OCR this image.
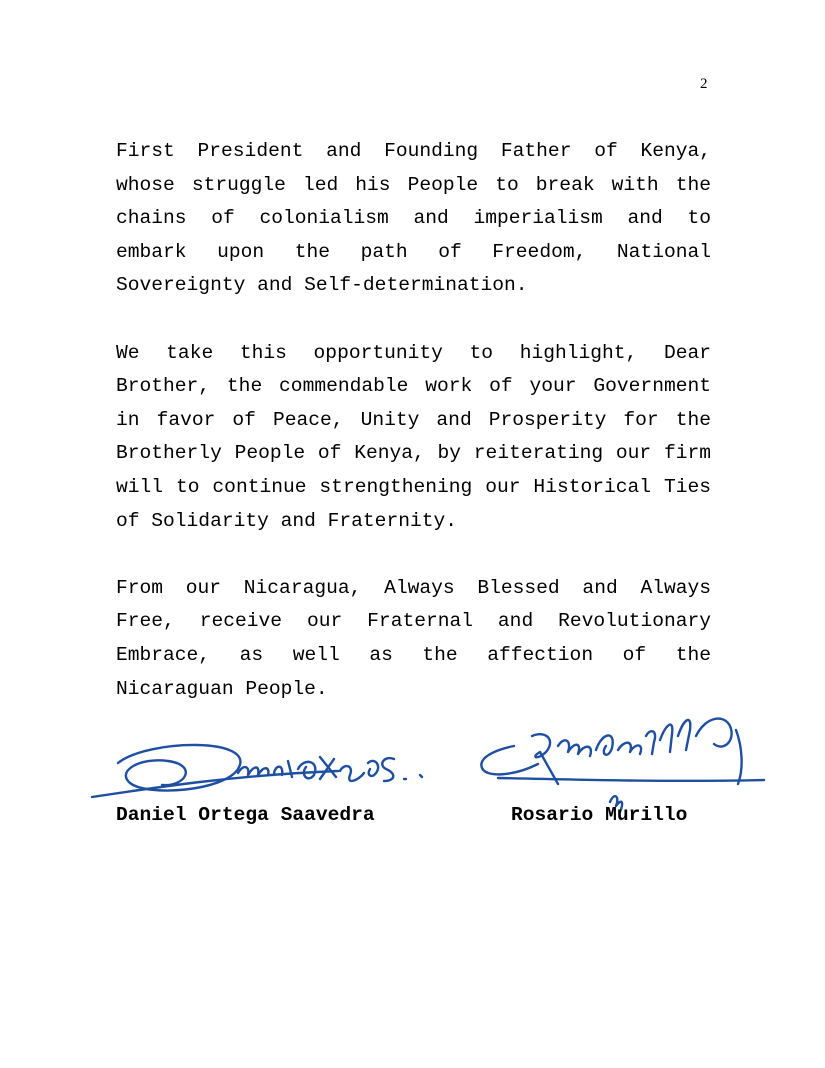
2

First President and Founding Father of Kenya, whose struggle led his People to break with the chains of colonialism and imperialism and to embark upon the path of Freedom, National Sovereignty and Self-determination.

We take this opportunity to highlight, Dear Brother, the commendable work of your Government in favor of Peace, Unity and Prosperity for the Brotherly People of Kenya, by reiterating our firm will to continue strengthening our Historical Ties of Solidarity and Fraternity.

From our Nicaragua, Always Blessed and Always Free, receive our Fraternal and Revolutionary Embrace, as well as the affection of the Nicaraguan People.

Daniel Ortega Saavedra	Rosario Murillo
